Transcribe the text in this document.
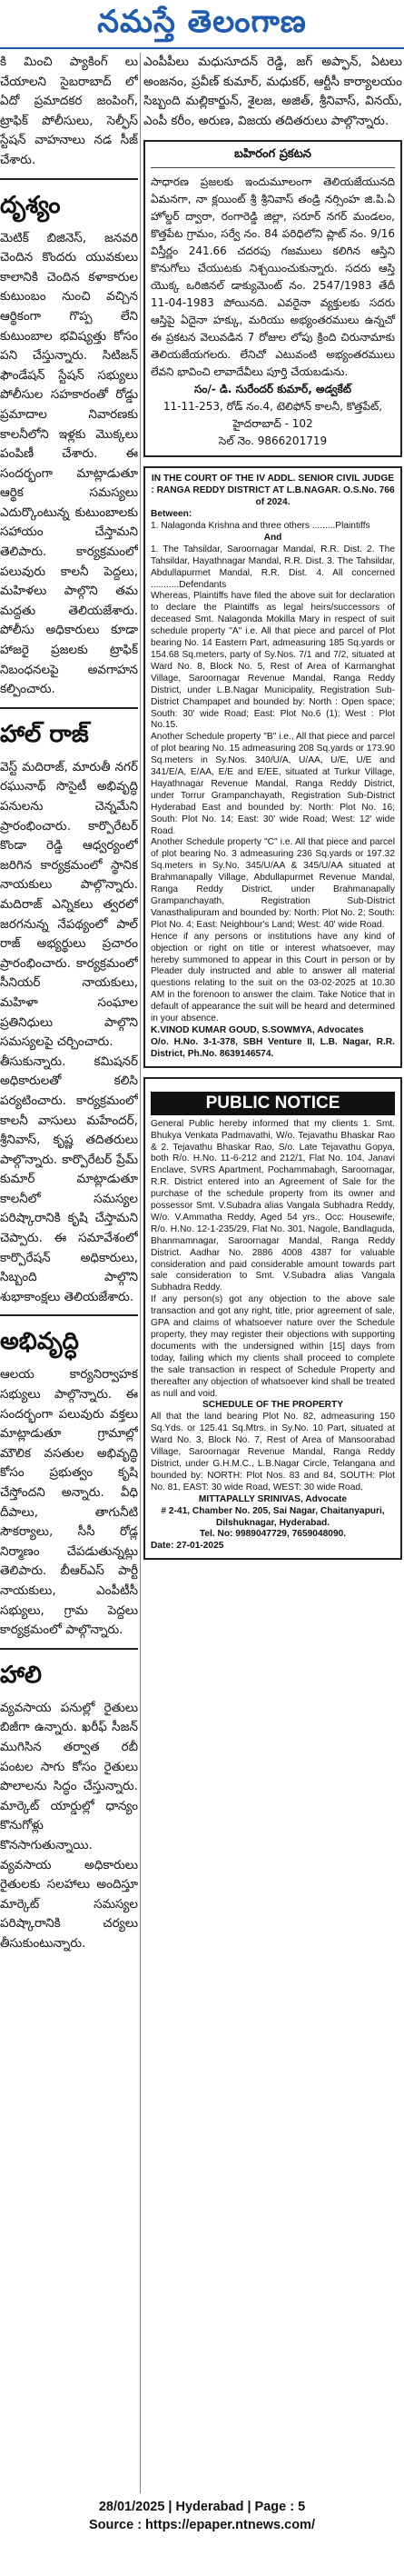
నమస్తే తెలంగాణ

కి మించి ప్యాకింగ్ లు చేయాలని సైబరాబాద్ లో ఏదో ప్రమాదకర జంపింగ్, ట్రాఫిక్ పోలీసులు, సెల్ఫీస్ స్టేషన్ వాహనాలు నడ సీజ్ చేశారు.

దృశ్యం

మెటిక్ బిజినెస్, జనవరి చెందిన కొందరు యువకులు కాలానికి చెందిన కళాకారుల కుటుంబం నుంచి వచ్చిన ఆర్థికంగా గొప్ప లేని కుటుంబాల భవిష్యత్తు కోసం పని చేస్తున్నారు. సిటిజన్ ఫౌండేషన్ స్టేషన్ సభ్యులు పోలీసుల సహకారంతో రోడ్డు ప్రమాదాల నివారణకు కాలనీలోని ఇళ్లకు మొక్కలు పంపిణీ చేశారు. ఈ సందర్భంగా మాట్లాడుతూ ఆర్థిక సమస్యలు ఎదుర్కొంటున్న కుటుంబాలకు సహాయం చేస్తామని తెలిపారు. కార్యక్రమంలో పలువురు కాలనీ పెద్దలు, మహిళలు పాల్గొని తమ మద్దతు తెలియజేశారు. పోలీసు అధికారులు కూడా హాజరై ప్రజలకు ట్రాఫిక్ నిబంధనలపై అవగాహన కల్పించారు.

హాల్ రాజ్

వెస్ట్ మదిరాజ్, మారుతీ నగర్ రఘునాథ్ సొసైటీ అభివృద్ధి పనులను చెన్నమేని ప్రారంభించారు. కార్పొరేటర్ కొండా రెడ్డి ఆధ్వర్యంలో జరిగిన కార్యక్రమంలో స్థానిక నాయకులు పాల్గొన్నారు. మదిరాజ్ ఎన్నికలు త్వరలో జరగనున్న నేపథ్యంలో పాల్ రాజ్ అభ్యర్థులు ప్రచారం ప్రారంభించారు. కార్యక్రమంలో సీనియర్ నాయకులు, మహిళా సంఘాల ప్రతినిధులు పాల్గొని సమస్యలపై చర్చించారు.

తీసుకున్నారు. కమిషనర్ అధికారులతో కలిసి పర్యటించారు. కార్యక్రమంలో కాలనీ వాసులు మహేందర్, శ్రీనివాస్, కృష్ణ తదితరులు పాల్గొన్నారు. కార్పొరేటర్ ప్రేమ్ కుమార్ మాట్లాడుతూ కాలనీలో సమస్యల పరిష్కారానికి కృషి చేస్తామని చెప్పారు. ఈ సమావేశంలో కార్పొరేషన్ అధికారులు, సిబ్బంది పాల్గొని శుభాకాంక్షలు తెలియజేశారు.

అభివృద్ధి

ఆలయ కార్యనిర్వాహక సభ్యులు పాల్గొన్నారు. ఈ సందర్భంగా పలువురు వక్తలు మాట్లాడుతూ గ్రామాల్లో మౌలిక వసతుల అభివృద్ధి కోసం ప్రభుత్వం కృషి చేస్తోందని అన్నారు. వీధి దీపాలు, తాగునీటి సౌకర్యాలు, సీసీ రోడ్ల నిర్మాణం చేపడుతున్నట్లు తెలిపారు. బీఆర్ఎస్ పార్టీ నాయకులు, ఎంపీటీసీ సభ్యులు, గ్రామ పెద్దలు కార్యక్రమంలో పాల్గొన్నారు.

హాలి

వ్యవసాయ పనుల్లో రైతులు బిజీగా ఉన్నారు. ఖరీఫ్ సీజన్ ముగిసిన తర్వాత రబీ పంటల సాగు కోసం రైతులు పొలాలను సిద్ధం చేస్తున్నారు. మార్కెట్ యార్డుల్లో ధాన్యం కొనుగోళ్లు కొనసాగుతున్నాయి. వ్యవసాయ అధికారులు రైతులకు సలహాలు అందిస్తూ మార్కెట్ సమస్యల పరిష్కారానికి చర్యలు తీసుకుంటున్నారు.

ఎంపీపీలు మధుసూదన్ రెడ్డి, జగ్ అప్ఫాన్, ఏటలు అంజనం, ప్రవీణ్ కుమార్, మధుకర్, ఆర్టీసీ కార్యాలయం సిబ్బంది మల్లికార్జున్, శైలజ, అజిత్, శ్రీనివాస్, వినయ్, ఎంపీ కరీం, అరుణ, విజయ తదితరులు పాల్గొన్నారు.

బహిరంగ ప్రకటన

సాధారణ ప్రజలకు ఇందుమూలంగా తెలియజేయునది ఏమనగా, నా క్లయింట్ శ్రీ శ్రీనివాస్ తండ్రి నర్సింహ జి.పి.ఏ హోల్డర్ ద్వారా, రంగారెడ్డి జిల్లా, సరూర్ నగర్ మండలం, కొత్తపేట గ్రామం, సర్వే నం. 84 పరిధిలోని ప్లాట్ నం. 9/16 విస్తీర్ణం 241.66 చదరపు గజములు కలిగిన ఆస్తిని కొనుగోలు చేయుటకు నిశ్చయించుకున్నారు. సదరు ఆస్తి యొక్క ఒరిజినల్ డాక్యుమెంట్ నం. 2547/1983 తేదీ 11-04-1983 పోయినది. ఎవరైనా వ్యక్తులకు సదరు ఆస్తిపై ఏదైనా హక్కు, మరియు అభ్యంతరములు ఉన్నచో ఈ ప్రకటన వెలువడిన 7 రోజుల లోపు క్రింది చిరునామాకు తెలియజేయగలరు. లేనిచో ఎటువంటి అభ్యంతరములు లేవని భావించి లావాదేవీలు పూర్తి చేయబడును.

సం/- డి. సురేందర్ కుమార్, అడ్వకేట్

11-11-253, రోడ్ నం.4, టెలిఫోన్ కాలనీ, కొత్తపేట్, హైదరాబాద్ - 102

సెల్ నెం. 9866201719

IN THE COURT OF THE IV ADDL. SENIOR CIVIL JUDGE : RANGA REDDY DISTRICT AT L.B.NAGAR. O.S.No. 766 of 2024.

Between:

1. Nalagonda Krishna and three others .........Plaintiffs

And

1. The Tahsildar, Saroornagar Mandal, R.R. Dist. 2. The Tahsildar, Hayathnagar Mandal, R.R. Dist. 3. The Tahsildar, Abdullapurmet Mandal, R.R. Dist. 4. All concerned ...........Defendants

Whereas, Plaintiffs have filed the above suit for declaration to declare the Plaintiffs as legal heirs/successors of deceased Smt. Nalagonda Mokilla Mary in respect of suit schedule property "A" i.e. All that piece and parcel of Plot bearing No. 14 Eastern Part, admeasuring 185 Sq.yards or 154.68 Sq.meters, party of Sy.Nos. 7/1 and 7/2, situated at Ward No. 8, Block No. 5, Rest of Area of Karmanghat Village, Saroornagar Revenue Mandal, Ranga Reddy District, under L.B.Nagar Municipality, Registration Sub-District Champapet and bounded by: North : Open space; South: 30' wide Road; East: Plot No.6 (1); West : Plot No.15.

Another Schedule property "B" i.e., All that piece and parcel of plot bearing No. 15 admeasuring 208 Sq.yards or 173.90 Sq.meters in Sy.Nos. 340/U/A, U/AA, U/E, U/E and 341/E/A, E/AA, E/E and E/EE, situated at Turkur Village, Hayathnagar Revenue Mandal, Ranga Reddy District, under Torrur Grampanchayath, Registration Sub-District Hyderabad East and bounded by: North: Plot No. 16; South: Plot No. 14; East: 30' wide Road; West: 12' wide Road.

Another Schedule property "C" i.e. All that piece and parcel of plot bearing No. 3 admeasuring 236 Sq.yards or 197.32 Sq.meters in Sy.No. 345/U/AA & 345/U/AA situated at Brahmanapally Village, Abdullapurmet Revenue Mandal, Ranga Reddy District, under Brahmanapally Grampanchayath, Registration Sub-District Vanasthalipuram and bounded by: North: Plot No. 2; South: Plot No. 4; East: Neighbour's Land; West: 40' wide Road.

Hence if any persons or institutions have any kind of objection or right on title or interest whatsoever, may hereby summoned to appear in this Court in person or by Pleader duly instructed and able to answer all material questions relating to the suit on the 03-02-2025 at 10.30 AM in the forenoon to answer the claim. Take Notice that in default of appearance the suit will be heard and determined in your absence.

K.VINOD KUMAR GOUD, S.SOWMYA, Advocates

O/o. H.No. 3-1-378, SBH Venture II, L.B. Nagar, R.R. District, Ph.No. 8639146574.

PUBLIC NOTICE

General Public hereby informed that my clients 1. Smt. Bhukya Venkata Padmavathi, W/o. Tejavathu Bhaskar Rao & 2. Tejavathu Bhaskar Rao, S/o. Late Tejavathu Gopya, both R/o. H.No. 11-6-212 and 212/1, Flat No. 104, Janavi Enclave, SVRS Apartment, Pochammabagh, Saroornagar, R.R. District entered into an Agreement of Sale for the purchase of the schedule property from its owner and possessor Smt. V.Subadra alias Vangala Subhadra Reddy, W/o. V.Ammatha Reddy, Aged 54 yrs., Occ: Housewife, R/o. H.No. 12-1-235/29, Flat No. 301, Nagole, Bandlaguda, Bhanmamnagar, Saroornagar Mandal, Ranga Reddy District. Aadhar No. 2886 4008 4387 for valuable consideration and paid considerable amount towards part sale consideration to Smt. V.Subadra alias Vangala Subhadra Reddy.

If any person(s) got any objection to the above sale transaction and got any right, title, prior agreement of sale, GPA and claims of whatsoever nature over the Schedule property, they may register their objections with supporting documents with the undersigned within [15] days from today, failing which my clients shall proceed to complete the sale transaction in respect of Schedule Property and thereafter any objection of whatsoever kind shall be treated as null and void.

SCHEDULE OF THE PROPERTY

All that the land bearing Plot No. 82, admeasuring 150 Sq.Yds. or 125.41 Sq.Mtrs. in Sy.No. 10 Part, situated at Ward No. 3, Block No. 7, Rest of Area of Mansoorabad Village, Saroornagar Revenue Mandal, Ranga Reddy District, under G.H.M.C., L.B.Nagar Circle, Telangana and bounded by: NORTH: Plot Nos. 83 and 84, SOUTH: Plot No. 81, EAST: 30 wide Road, WEST: 30 wide Road.

MITTAPALLY SRINIVAS, Advocate

# 2-41, Chamber No. 205, Sai Nagar, Chaitanyapuri, Dilshuknagar, Hyderabad.

Tel. No: 9989047729, 7659048090.

Date: 27-01-2025

28/01/2025 | Hyderabad | Page : 5
Source : https://epaper.ntnews.com/
